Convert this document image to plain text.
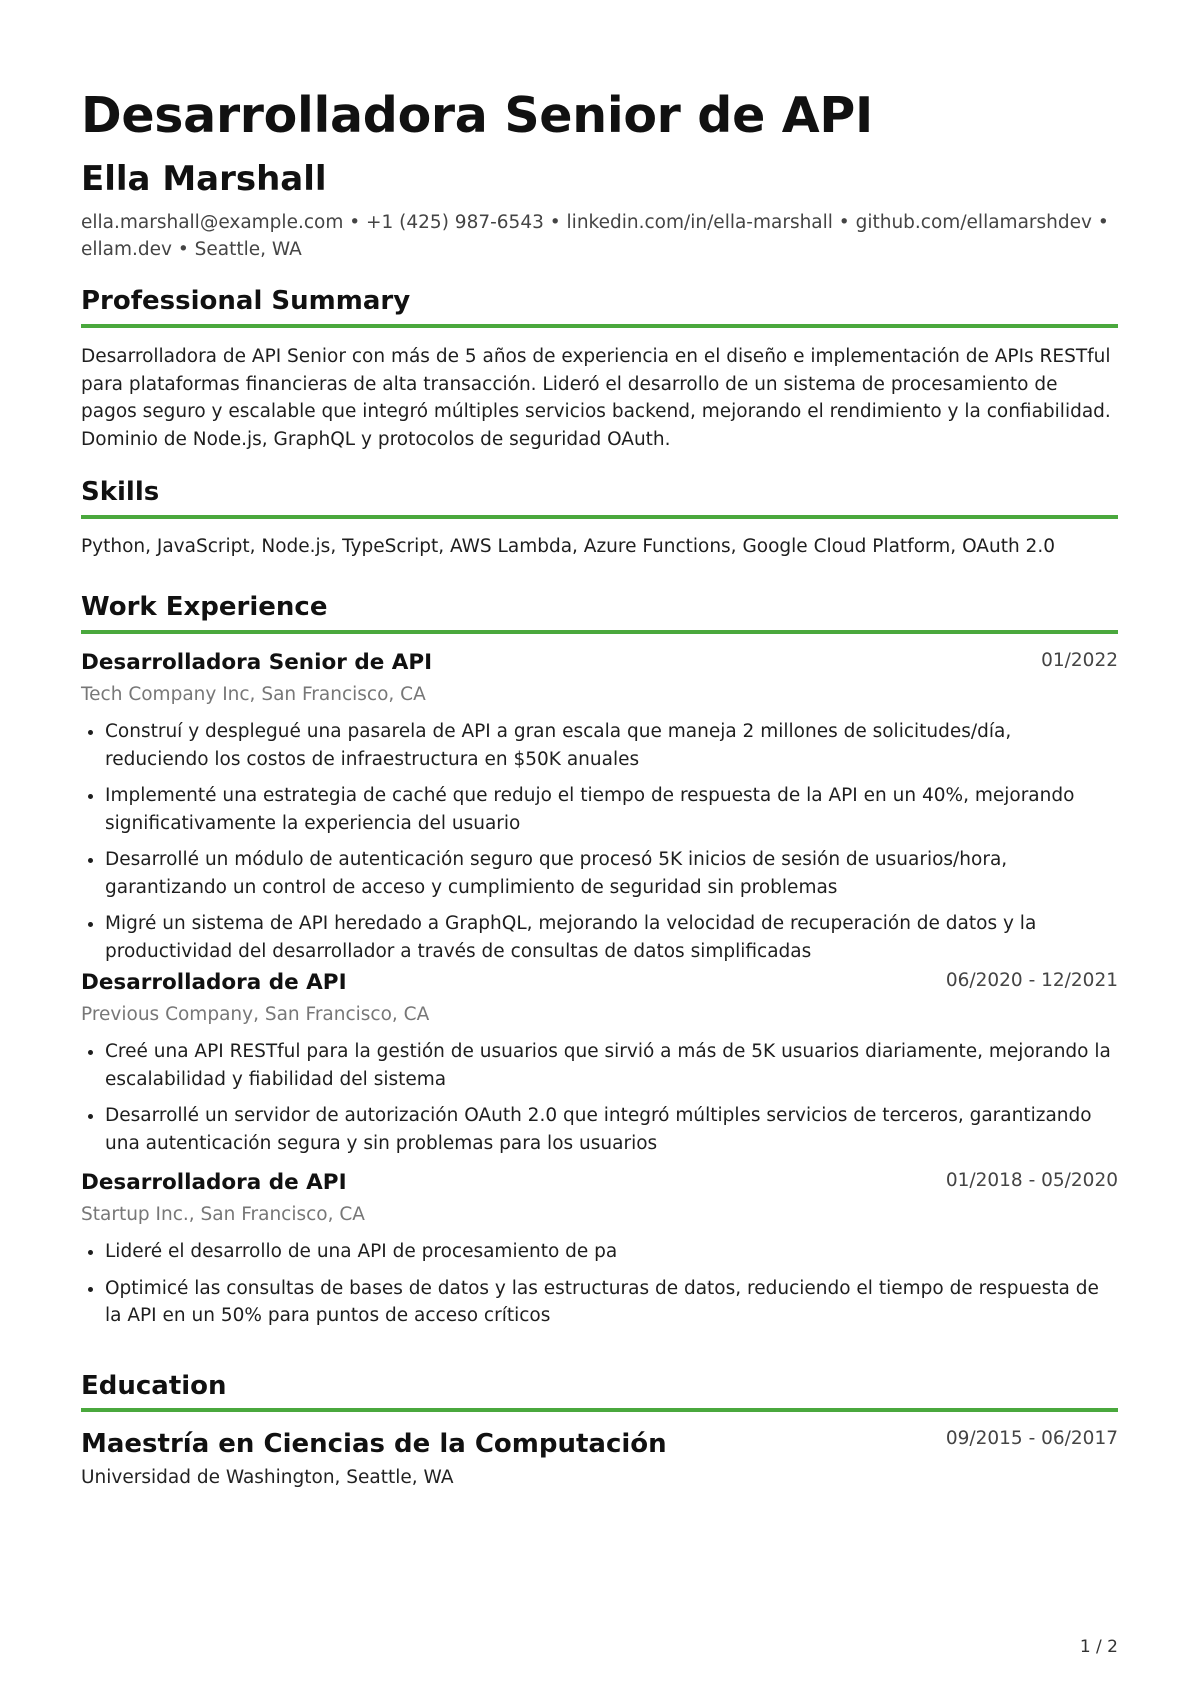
Desarrolladora Senior de API
Ella Marshall
ella.marshall@example.com • +1 (425) 987-6543 • linkedin.com/in/ella-marshall • github.com/ellamarshdev • ellam.dev • Seattle, WA
Professional Summary

Desarrolladora de API Senior con más de 5 años de experiencia en el diseño e implementación de APIs RESTful para plataformas financieras de alta transacción. Lideró el desarrollo de un sistema de procesamiento de pagos seguro y escalable que integró múltiples servicios backend, mejorando el rendimiento y la confiabilidad. Dominio de Node.js, GraphQL y protocolos de seguridad OAuth.

Skills

Python, JavaScript, Node.js, TypeScript, AWS Lambda, Azure Functions, Google Cloud Platform, OAuth 2.0

Work Experience
Desarrolladora Senior de API	01/2022
Tech Company Inc, San Francisco, CA
Construí y desplegué una pasarela de API a gran escala que maneja 2 millones de solicitudes/día, reduciendo los costos de infraestructura en $50K anuales
Implementé una estrategia de caché que redujo el tiempo de respuesta de la API en un 40%, mejorando significativamente la experiencia del usuario
Desarrollé un módulo de autenticación seguro que procesó 5K inicios de sesión de usuarios/hora, garantizando un control de acceso y cumplimiento de seguridad sin problemas
Migré un sistema de API heredado a GraphQL, mejorando la velocidad de recuperación de datos y la productividad del desarrollador a través de consultas de datos simplificadas
Desarrolladora de API	06/2020 - 12/2021
Previous Company, San Francisco, CA
Creé una API RESTful para la gestión de usuarios que sirvió a más de 5K usuarios diariamente, mejorando la escalabilidad y fiabilidad del sistema
Desarrollé un servidor de autorización OAuth 2.0 que integró múltiples servicios de terceros, garantizando una autenticación segura y sin problemas para los usuarios
Desarrolladora de API	01/2018 - 05/2020
Startup Inc., San Francisco, CA
Lideré el desarrollo de una API de procesamiento de pa
Optimicé las consultas de bases de datos y las estructuras de datos, reduciendo el tiempo de respuesta de la API en un 50% para puntos de acceso críticos
Education
Maestría en Ciencias de la Computación	09/2015 - 06/2017
Universidad de Washington, Seattle, WA
1 / 2
